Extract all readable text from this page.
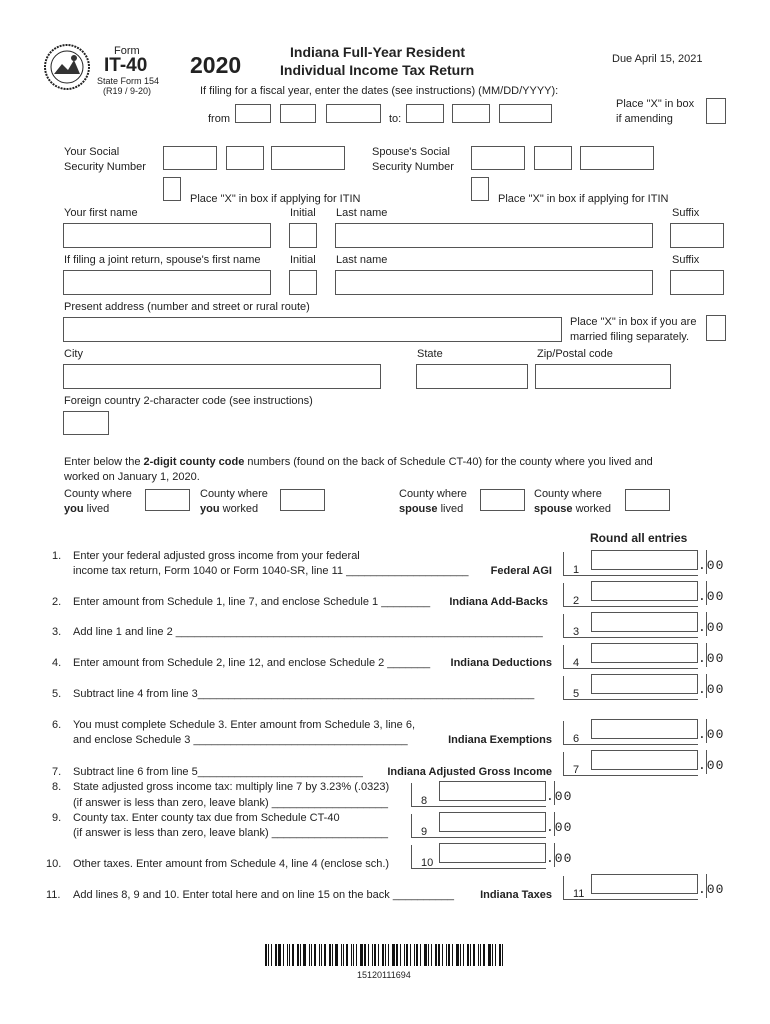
Form
IT-40
State Form 154
(R19 / 9-20)
2020	Indiana Full-Year Resident
Individual Income Tax Return
Due April 15, 2021
If filing for a fiscal year, enter the dates (see instructions) (MM/DD/YYYY):
from	to:
Place "X" in box
if amending
Your Social
Security Number
Spouse's Social
Security Number
Place "X" in box if applying for ITIN	Place "X" in box if applying for ITIN
Your first name	Initial Last name	Suffix
If filing a joint return, spouse's first name	Initial Last name	Suffix
Present address (number and street or rural route)
Place "X" in box if you are
married filing separately.
City	State	Zip/Postal code
Foreign country 2-character code (see instructions)
Enter below the 2-digit county code numbers (found on the back of Schedule CT-40) for the county where you lived and
worked on January 1, 2020.
County where
you lived
County where
you worked
County where
spouse lived
County where
spouse worked
Round all entries
1. Enter your federal adjusted gross income from your federal
income tax return, Form 1040 or Form 1040-SR, line 11 ____________________ Federal AGI 1	.00
2. Enter amount from Schedule 1, line 7, and enclose Schedule 1 ________ Indiana Add-Backs 2	.00
3. Add line 1 and line 2 ____________________________________________________________	3	.00
4. Enter amount from Schedule 2, line 12, and enclose Schedule 2 _______ Indiana Deductions 4	.00
5. Subtract line 4 from line 3_______________________________________________________	5	.00
6. You must complete Schedule 3. Enter amount from Schedule 3, line 6,
and enclose Schedule 3 ___________________________________	Indiana Exemptions 6	.00
7. Subtract line 6 from line 5___________________________ Indiana Adjusted Gross Income 7	.00
8. State adjusted gross income tax: multiply line 7 by 3.23% (.0323)
(if answer is less than zero, leave blank) ___________________	8	.00
9. County tax. Enter county tax due from Schedule CT-40
(if answer is less than zero, leave blank) ___________________	9	.00
10. Other taxes. Enter amount from Schedule 4, line 4 (enclose sch.)	10	.00
11. Add lines 8, 9 and 10. Enter total here and on line 15 on the back __________ Indiana Taxes 11	.00
15120111694
